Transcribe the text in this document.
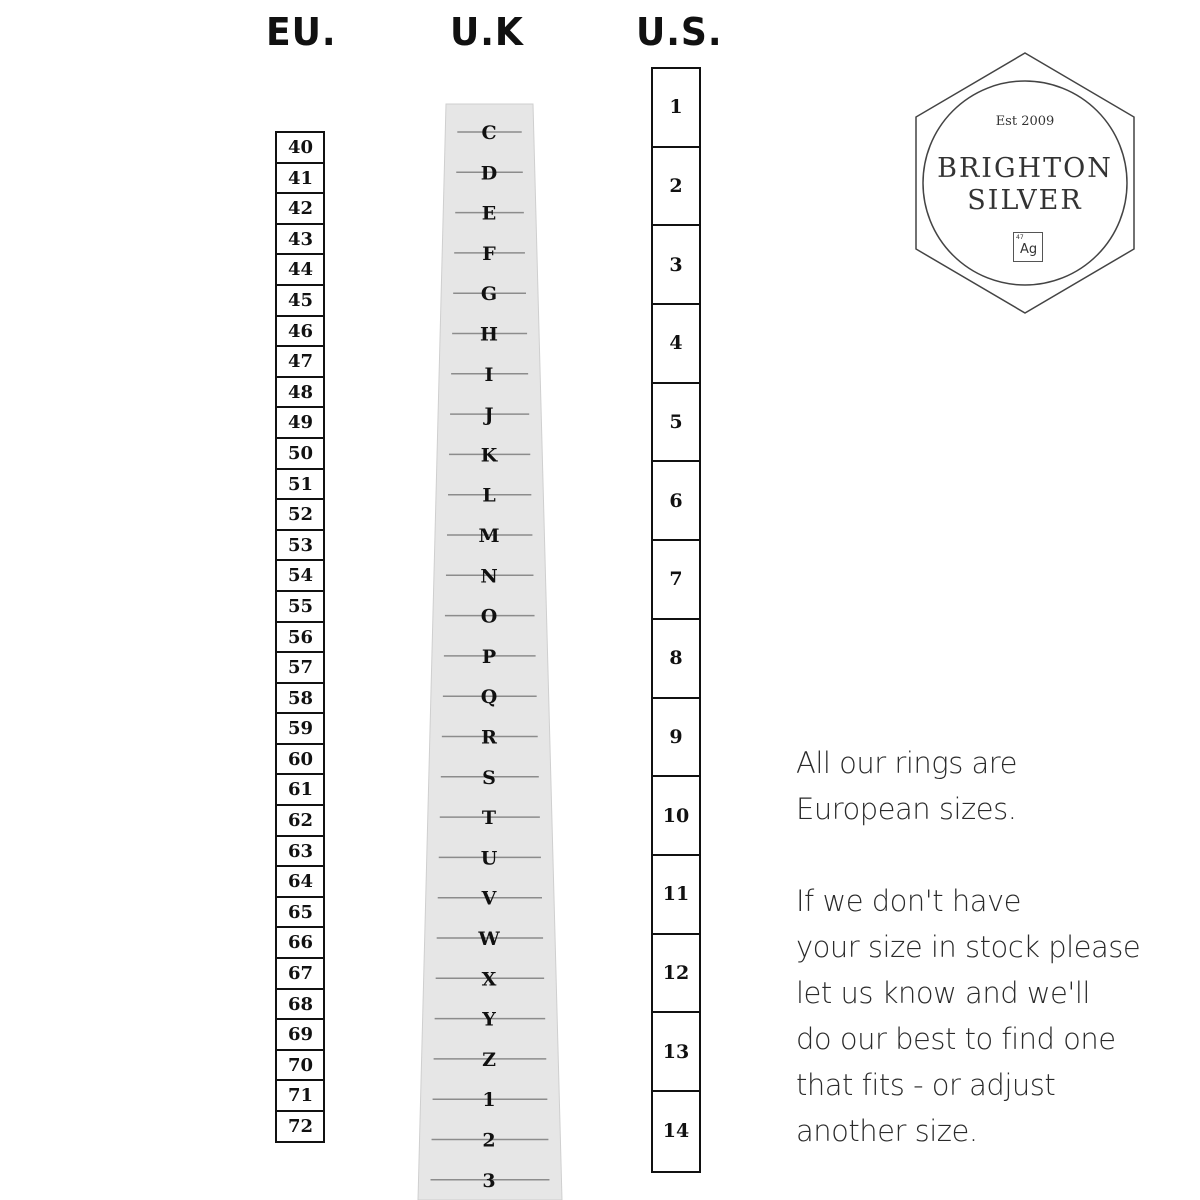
EU.	U.K	U.S.
40
41
42
43
44
45
46
47
48
49
50
51
52
53
54
55
56
57
58
59
60
61
62
63
64
65
66
67
68
69
70
71
72
C
D
E
F
G
H
I
J
K
L
M
N
O
P
Q
R
S
T
U
V
W
X
Y
Z
1
2
3
1
2
3
4
5
6
7
8
9
10
11
12
13
14
Est 2009
BRIGHTON
SILVER
47
Ag

All our rings are
European sizes.

If we don't have
your size in stock please
let us know and we'll
do our best to find one
that fits - or adjust
another size.
